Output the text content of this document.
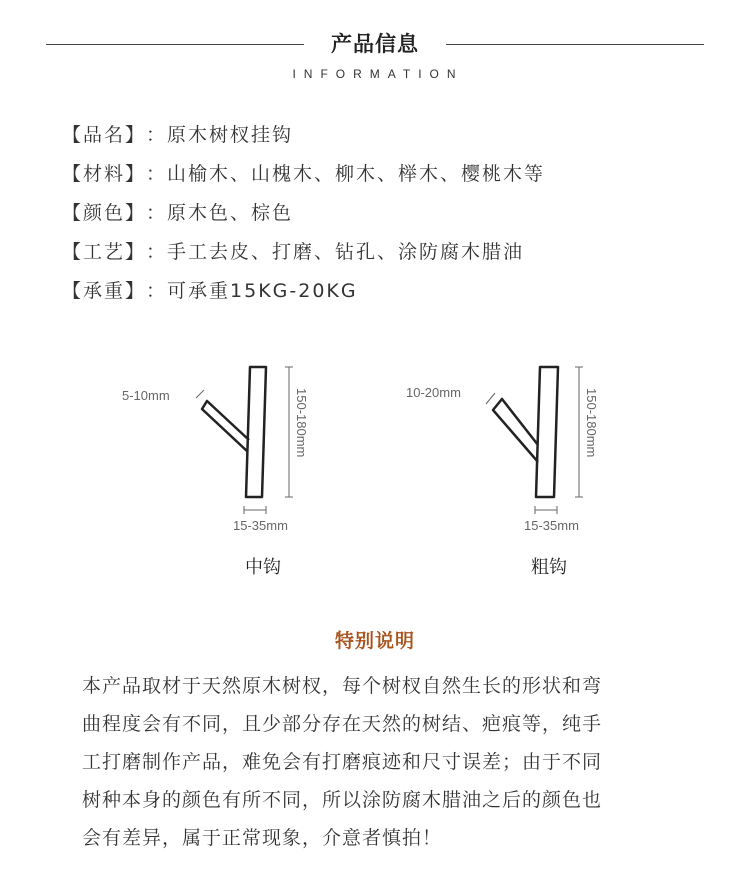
产品信息
INFORMATION
【品名】：原木树杈挂钩
【材料】：山榆木、山槐木、柳木、榉木、樱桃木等
【颜色】：原木色、棕色
【工艺】：手工去皮、打磨、钻孔、涂防腐木腊油
【承重】：可承重15KG-20KG
5-10mm	150-180mm
15-35mm
10-20mm	150-180mm
15-35mm
中钩	粗钩
特别说明
本产品取材于天然原木树杈，每个树杈自然生长的形状和弯
曲程度会有不同，且少部分存在天然的树结、疤痕等，纯手
工打磨制作产品，难免会有打磨痕迹和尺寸误差；由于不同
树种本身的颜色有所不同，所以涂防腐木腊油之后的颜色也
会有差异，属于正常现象，介意者慎拍！
